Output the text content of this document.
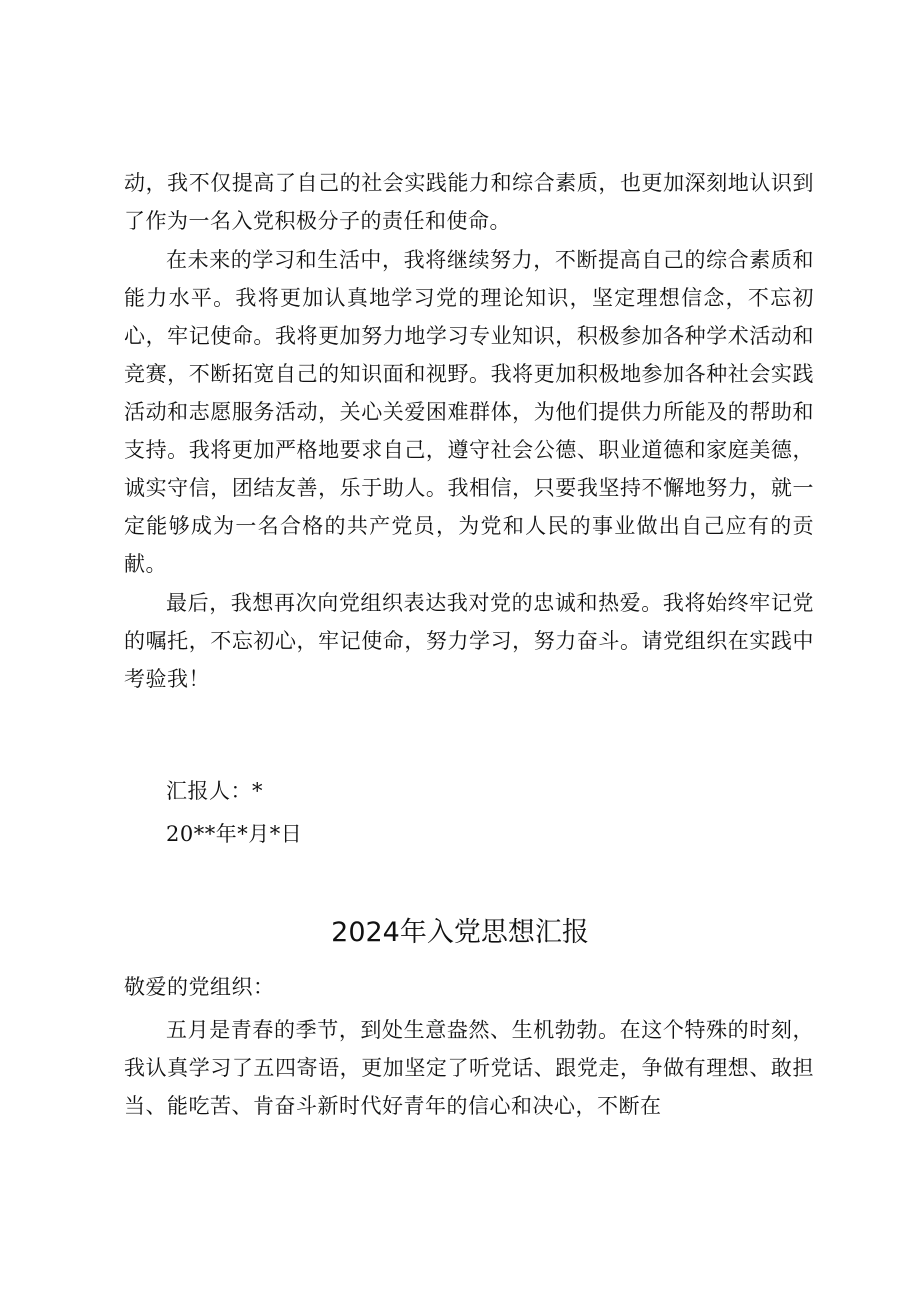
动，我不仅提高了自己的社会实践能力和综合素质，也更加深刻地认识到了作为一名入党积极分子的责任和使命。

在未来的学习和生活中，我将继续努力，不断提高自己的综合素质和能力水平。我将更加认真地学习党的理论知识，坚定理想信念，不忘初心，牢记使命。我将更加努力地学习专业知识，积极参加各种学术活动和竞赛，不断拓宽自己的知识面和视野。我将更加积极地参加各种社会实践活动和志愿服务活动，关心关爱困难群体，为他们提供力所能及的帮助和支持。我将更加严格地要求自己，遵守社会公德、职业道德和家庭美德，诚实守信，团结友善，乐于助人。我相信，只要我坚持不懈地努力，就一定能够成为一名合格的共产党员，为党和人民的事业做出自己应有的贡献。

最后，我想再次向党组织表达我对党的忠诚和热爱。我将始终牢记党的嘱托，不忘初心，牢记使命，努力学习，努力奋斗。请党组织在实践中考验我！

汇报人：*
20**年*月*日
2024年入党思想汇报
敬爱的党组织：

五月是青春的季节，到处生意盎然、生机勃勃。在这个特殊的时刻，我认真学习了五四寄语，更加坚定了听党话、跟党走，争做有理想、敢担当、能吃苦、肯奋斗新时代好青年的信心和决心，不断在
